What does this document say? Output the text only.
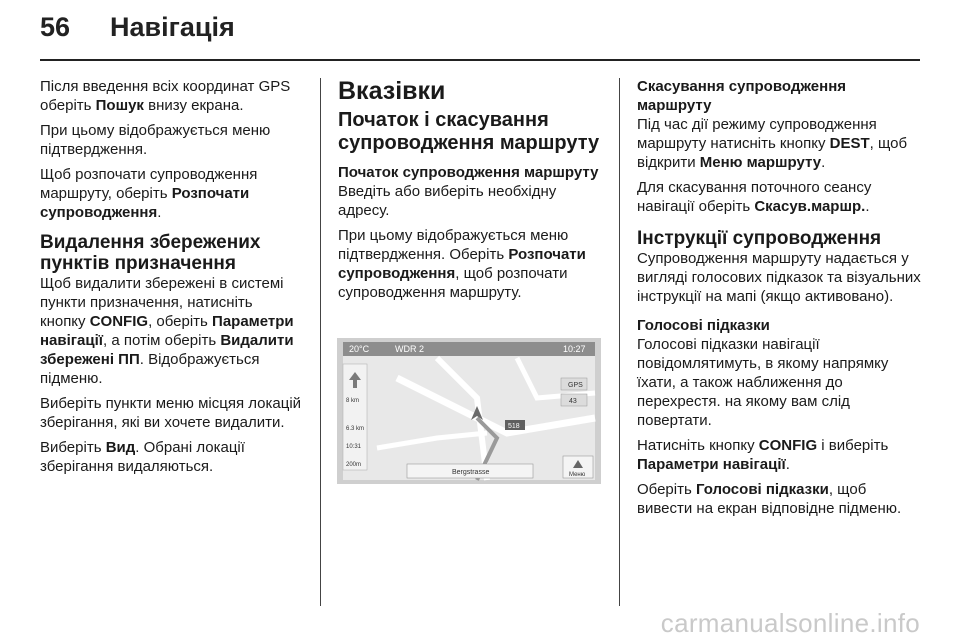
56 Навігація

Після введення всіх координат GPS оберіть Пошук внизу екрана.

При цьому відображується меню підтвердження.

Щоб розпочати супроводження маршруту, оберіть Розпочати супроводження.

Видалення збережених пунктів призначення

Щоб видалити збережені в системі пункти призначення, натисніть кнопку CONFIG, оберіть Параметри навігації, а потім оберіть Видалити збережені ПП. Відображується підменю.

Виберіть пункти меню місцяя локацій зберігання, які ви хочете видалити.

Виберіть Вид. Обрані локації зберігання видаляються.

Вказівки
Початок і скасування супроводження маршруту
Початок супроводження маршруту

Введіть або виберіть необхідну адресу.

При цьому відображується меню підтвердження. Оберіть Розпочати супроводження, щоб розпочати супроводження маршруту.

20°C	WDR 2	10:27
518
8 km
6.3 km
10:31
200m
GPS
43
Bergstrasse	Меню
Скасування супроводження маршруту

Під час дії режиму супроводження маршруту натисніть кнопку DEST, щоб відкрити Меню маршруту.

Для скасування поточного сеансу навігації оберіть Скасув.маршр..

Інструкції супроводження

Супроводження маршруту надається у вигляді голосових підказок та візуальних інструкції на мапі (якщо активовано).

Голосові підказки

Голосові підказки навігації повідомлятимуть, в якому напрямку їхати, а також наближення до перехрестя. на якому вам слід повертати.

Натисніть кнопку CONFIG і виберіть Параметри навігації.

Оберіть Голосові підказки, щоб вивести на екран відповідне підменю.

carmanualsonline.info
